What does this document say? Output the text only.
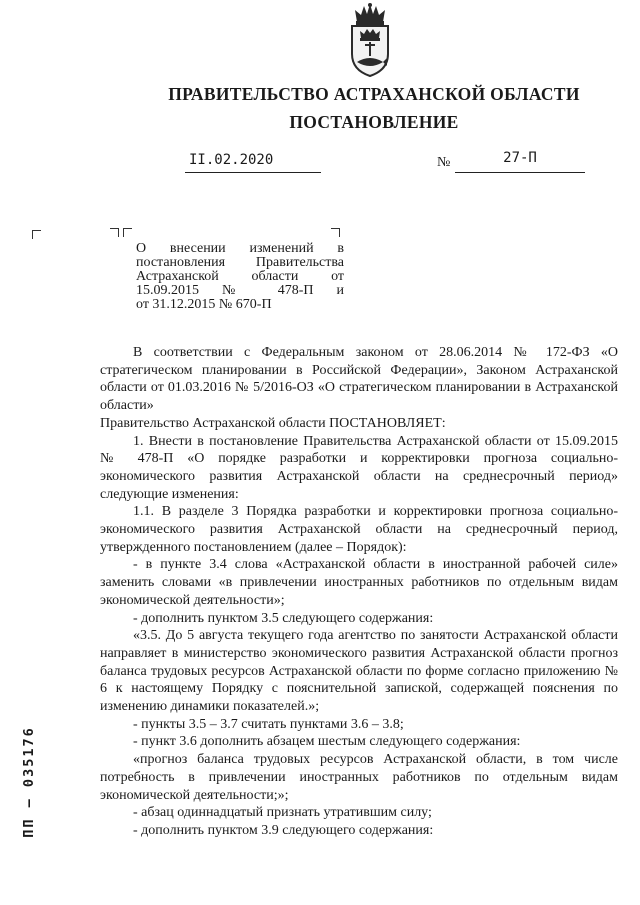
ПРАВИТЕЛЬСТВО АСТРАХАНСКОЙ ОБЛАСТИ
ПОСТАНОВЛЕНИЕ
II.02.2020	№	27-П
О внесении изменений в
постановления Правительства
Астраханской области от
15.09.2015 № 478-П и
от 31.12.2015 № 670-П
В соответствии с Федеральным законом от 28.06.2014 № 172-ФЗ «О стратегическом планировании в Российской Федерации», Законом Астраханской области от 01.03.2016 № 5/2016-ОЗ «О стратегическом планировании в Астраханской области»
Правительство Астраханской области ПОСТАНОВЛЯЕТ:
1. Внести в постановление Правительства Астраханской области от 15.09.2015 № 478-П «О порядке разработки и корректировки прогноза социально-экономического развития Астраханской области на среднесрочный период» следующие изменения:
1.1. В разделе 3 Порядка разработки и корректировки прогноза социально-экономического развития Астраханской области на среднесрочный период, утвержденного постановлением (далее – Порядок):
- в пункте 3.4 слова «Астраханской области в иностранной рабочей силе» заменить словами «в привлечении иностранных работников по отдельным видам экономической деятельности»;
- дополнить пунктом 3.5 следующего содержания:
«3.5. До 5 августа текущего года агентство по занятости Астраханской области направляет в министерство экономического развития Астраханской области прогноз баланса трудовых ресурсов Астраханской области по форме согласно приложению № 6 к настоящему Порядку с пояснительной запиской, содержащей пояснения по изменению динамики показателей.»;
- пункты 3.5 – 3.7 считать пунктами 3.6 – 3.8;
- пункт 3.6 дополнить абзацем шестым следующего содержания:
«прогноз баланса трудовых ресурсов Астраханской области, в том числе потребность в привлечении иностранных работников по отдельным видам экономической деятельности;»;
- абзац одиннадцатый признать утратившим силу;
- дополнить пунктом 3.9 следующего содержания:
ПП – 035176
